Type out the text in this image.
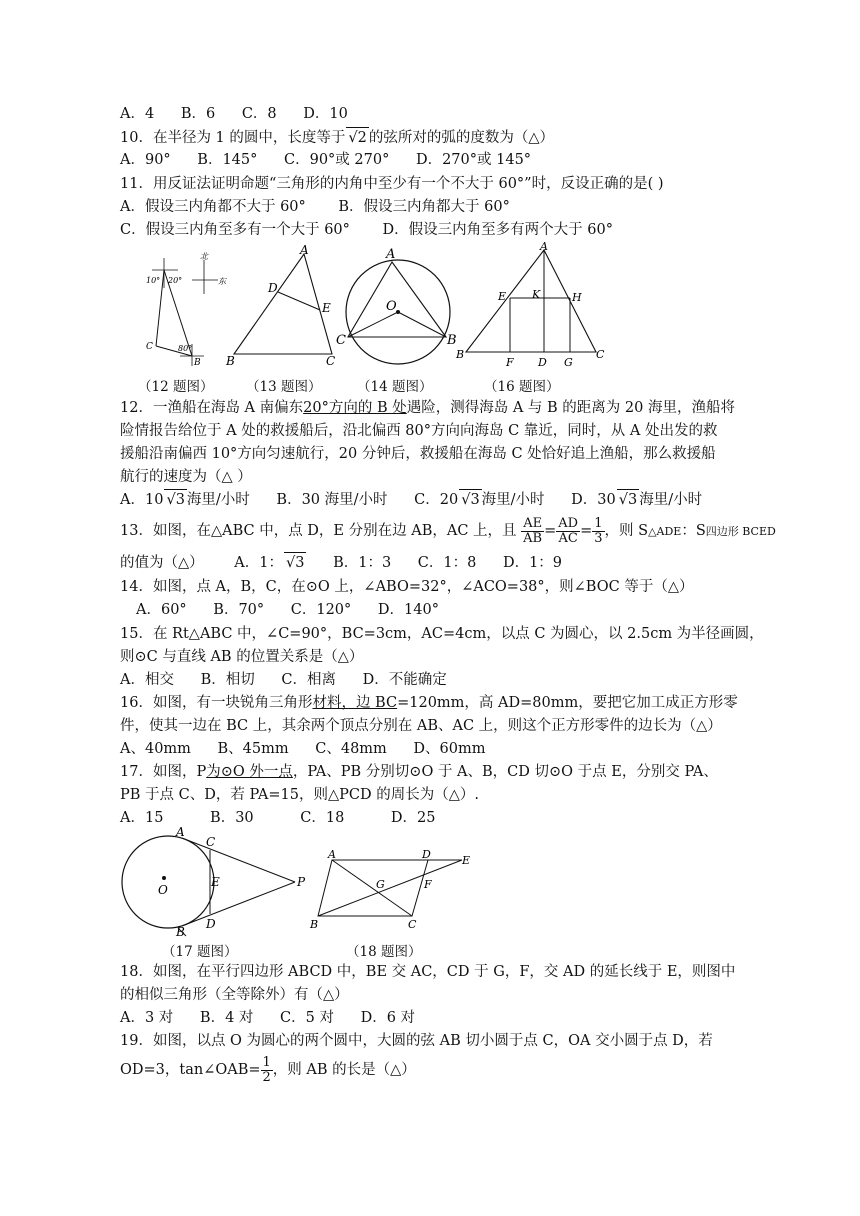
A．4 B．6 C．8 D．10
10．在半径为 1 的圆中，长度等于 √2 的弦所对的弧的度数为（△）
A．90° B．145° C．90°或 270° D．270°或 145°
11．用反证法证明命题“三角形的内角中至少有一个不大于 60°”时，反设正确的是( )
A．假设三内角都不大于 60° B．假设三内角都大于 60°
C．假设三内角至多有一个大于 60° D．假设三内角至多有两个大于 60°
10° 20°
80°
C
B
北
东
A
B	C
D
E
A
C	B
O
A
B	C
D
E
F	G
H
K
（12 题图） （13 题图）	（14 题图）	（16 题图）
12．一渔船在海岛 A 南偏东20°方向的 B 处遇险，测得海岛 A 与 B 的距离为 20 海里，渔船将
险情报告给位于 A 处的救援船后，沿北偏西 80°方向向海岛 C 靠近，同时，从 A 处出发的救
援船沿南偏西 10°方向匀速航行，20 分钟后，救援船在海岛 C 处恰好追上渔船，那么救援船
航行的速度为（△ ）
A．10 √3 海里/小时 B．30 海里/小时 C．20 √3 海里/小时 D．30 √3 海里/小时
13．如图，在△ABC 中，点 D，E 分别在边 AB，AC 上，且 $\frac{AE}{AB} = \frac{AD}{AC} = \frac{1}{3}$ ，则 S△ADE：S四边形 BCED
的值为（△） A．1： √3 B．1：3 C．1：8 D．1：9
14．如图，点 A，B，C，在⊙O 上，∠ABO=32°，∠ACO=38°，则∠BOC 等于（△）
A．60° B．70° C．120° D．140°
15．在 Rt△ABC 中，∠C=90°，BC=3cm，AC=4cm，以点 C 为圆心，以 2.5cm 为半径画圆，
则⊙C 与直线 AB 的位置关系是（△）
A．相交 B．相切 C．相离 D．不能确定
16．如图，有一块锐角三角形材料，边 BC=120mm，高 AD=80mm，要把它加工成正方形零
件，使其一边在 BC 上，其余两个顶点分别在 AB、AC 上，则这个正方形零件的边长为（△）
A、40mm B、45mm C、48mm D、60mm
17．如图，P为⊙O 外一点，PA、PB 分别切⊙O 于 A、B，CD 切⊙O 于点 E，分别交 PA、
PB 于点 C、D，若 PA=15，则△PCD 的周长为（△）.
A．15	B．30	C．18	D．25
A
B
C
D
E
O
P
A
B	C
D	E
F
G
（17 题图）	（18 题图）
18．如图，在平行四边形 ABCD 中，BE 交 AC，CD 于 G，F，交 AD 的延长线于 E，则图中
的相似三角形（全等除外）有（△）
A．3 对 B．4 对 C．5 对 D．6 对
19．如图，以点 O 为圆心的两个圆中，大圆的弦 AB 切小圆于点 C，OA 交小圆于点 D，若
OD=3，tan∠OAB= $\frac{1}{2}$ ，则 AB 的长是（△）
